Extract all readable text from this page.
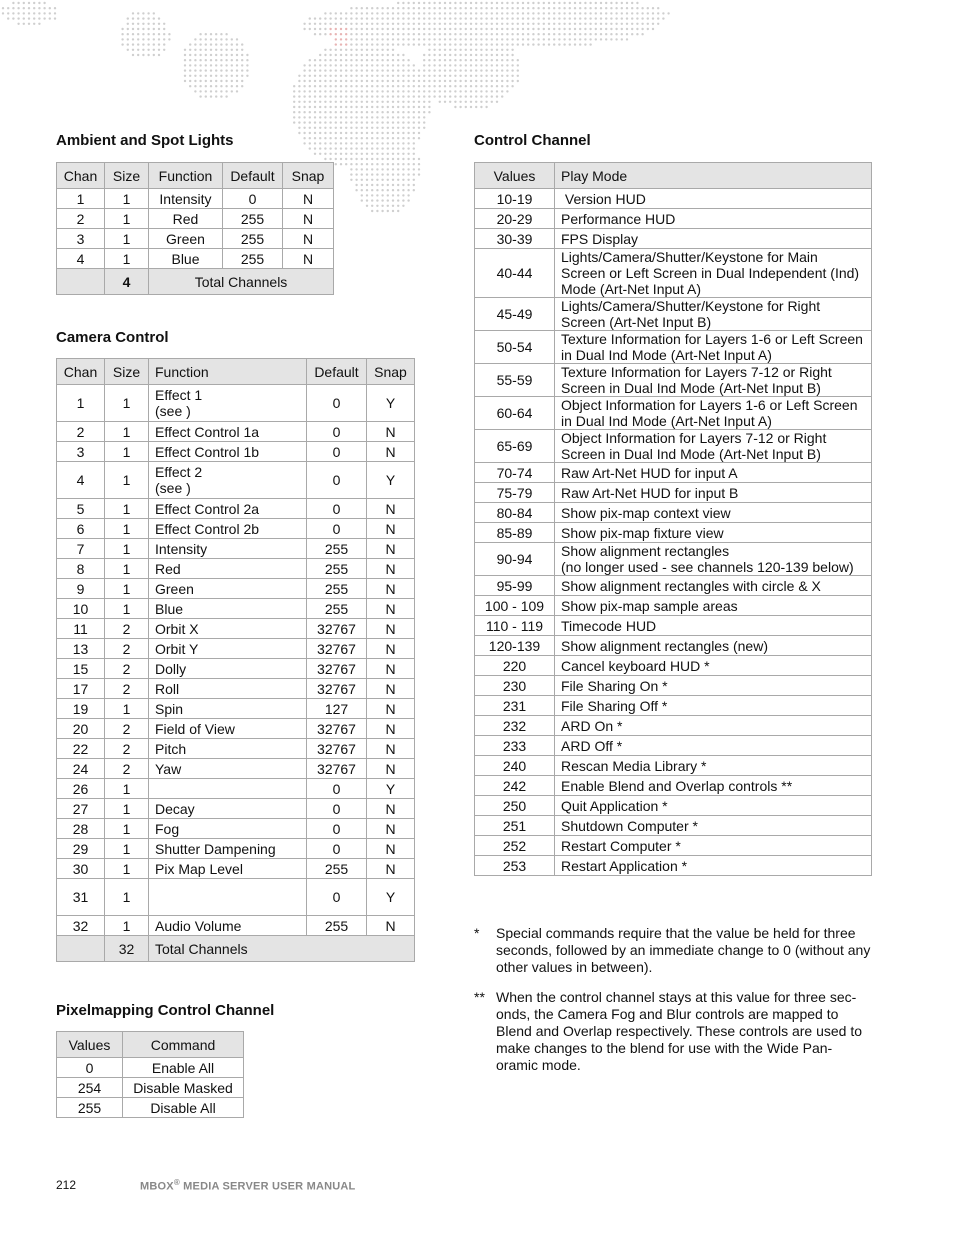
Ambient and Spot Lights
Chan	Size	Function	Default	Snap
1	1	Intensity	0	N
2	1	Red	255	N
3	1	Green	255	N
4	1	Blue	255	N
	4	Total Channels		
Camera Control
Chan	Size	Function	Default	Snap
1	1	Effect 1
(see )	0	Y
2	1	Effect Control 1a	0	N
3	1	Effect Control 1b	0	N
4	1	Effect 2
(see )	0	Y
5	1	Effect Control 2a	0	N
6	1	Effect Control 2b	0	N
7	1	Intensity	255	N
8	1	Red	255	N
9	1	Green	255	N
10	1	Blue	255	N
11	2	Orbit X	32767	N
13	2	Orbit Y	32767	N
15	2	Dolly	32767	N
17	2	Roll	32767	N
19	1	Spin	127	N
20	2	Field of View	32767	N
22	2	Pitch	32767	N
24	2	Yaw	32767	N
26	1		0	Y
27	1	Decay	0	N
28	1	Fog	0	N
29	1	Shutter Dampening	0	N
30	1	Pix Map Level	255	N
31	1		0	Y
32	1	Audio Volume	255	N
	32	Total Channels		
Pixelmapping Control Channel
Values	Command
0	Enable All
254	Disable Masked
255	Disable All
Control Channel
Values	Play Mode
10-19	Version HUD
20-29	Performance HUD
30-39	FPS Display
40-44	Lights/Camera/Shutter/Keystone for Main Screen or Left Screen in Dual Independent (Ind) Mode (Art-Net Input A)
45-49	Lights/Camera/Shutter/Keystone for Right Screen (Art-Net Input B)
50-54	Texture Information for Layers 1-6 or Left Screen in Dual Ind Mode (Art-Net Input A)
55-59	Texture Information for Layers 7-12 or Right Screen in Dual Ind Mode (Art-Net Input B)
60-64	Object Information for Layers 1-6 or Left Screen in Dual Ind Mode (Art-Net Input A)
65-69	Object Information for Layers 7-12 or Right Screen in Dual Ind Mode (Art-Net Input B)
70-74	Raw Art-Net HUD for input A
75-79	Raw Art-Net HUD for input B
80-84	Show pix-map context view
85-89	Show pix-map fixture view
90-94	Show alignment rectangles
(no longer used - see channels 120-139 below)
95-99	Show alignment rectangles with circle & X
100 - 109	Show pix-map sample areas
110 - 119	Timecode HUD
120-139	Show alignment rectangles (new)
220	Cancel keyboard HUD *
230	File Sharing On *
231	File Sharing Off *
232	ARD On *
233	ARD Off *
240	Rescan Media Library *
242	Enable Blend and Overlap controls **
250	Quit Application *
251	Shutdown Computer *
252	Restart Computer *
253	Restart Application *
* Special commands require that the value be held for three seconds, followed by an immediate change to 0 (without any other values in between).
** When the control channel stays at this value for three sec-onds, the Camera Fog and Blur controls are mapped to Blend and Overlap respectively. These controls are used to make changes to the blend for use with the Wide Pan-oramic mode.
212	MBOX® MEDIA SERVER USER MANUAL
